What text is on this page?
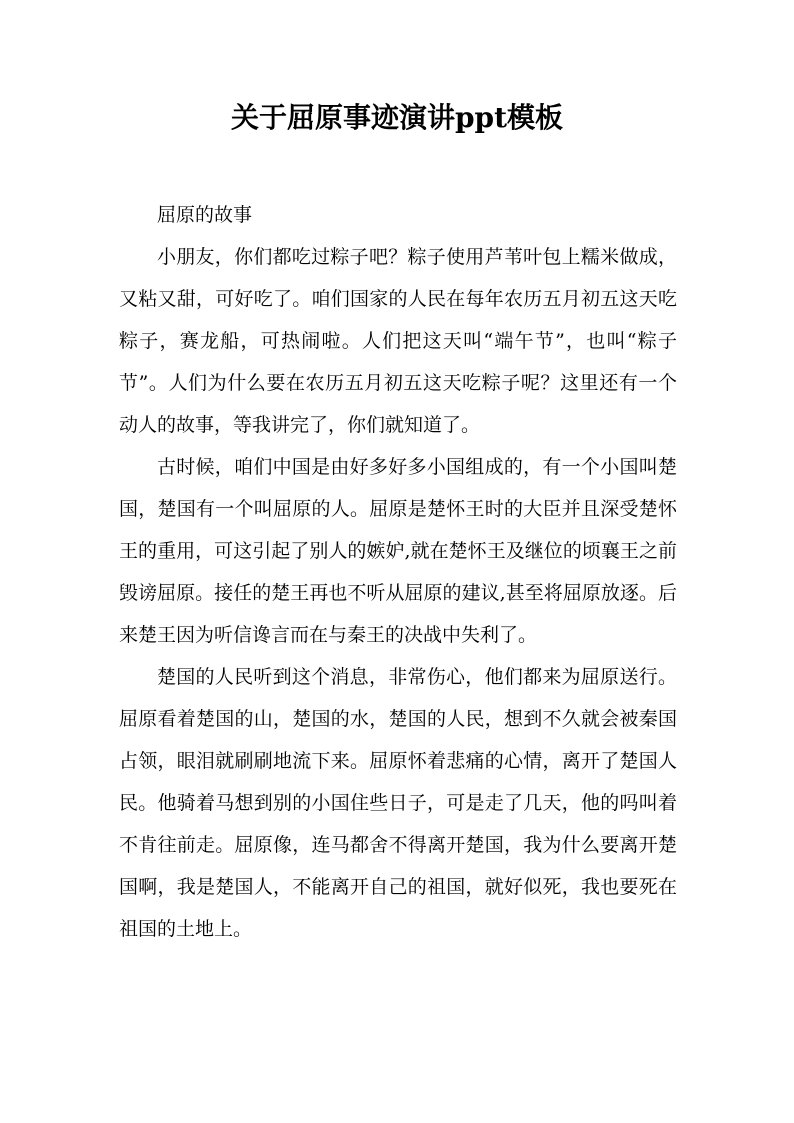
关于屈原事迹演讲ppt模板

屈原的故事

小朋友，你们都吃过粽子吧？粽子使用芦苇叶包上糯米做成，又粘又甜，可好吃了。咱们国家的人民在每年农历五月初五这天吃粽子，赛龙船，可热闹啦。人们把这天叫“端午节”，也叫“粽子节”。人们为什么要在农历五月初五这天吃粽子呢？这里还有一个动人的故事，等我讲完了，你们就知道了。

古时候，咱们中国是由好多好多小国组成的，有一个小国叫楚国，楚国有一个叫屈原的人。屈原是楚怀王时的大臣并且深受楚怀王的重用，可这引起了别人的嫉妒,就在楚怀王及继位的顷襄王之前毁谤屈原。接任的楚王再也不听从屈原的建议,甚至将屈原放逐。后来楚王因为听信谗言而在与秦王的决战中失利了。

楚国的人民听到这个消息，非常伤心，他们都来为屈原送行。屈原看着楚国的山，楚国的水，楚国的人民，想到不久就会被秦国占领，眼泪就刷刷地流下来。屈原怀着悲痛的心情，离开了楚国人民。他骑着马想到别的小国住些日子，可是走了几天，他的吗叫着不肯往前走。屈原像，连马都舍不得离开楚国，我为什么要离开楚国啊，我是楚国人，不能离开自己的祖国，就好似死，我也要死在祖国的土地上。
